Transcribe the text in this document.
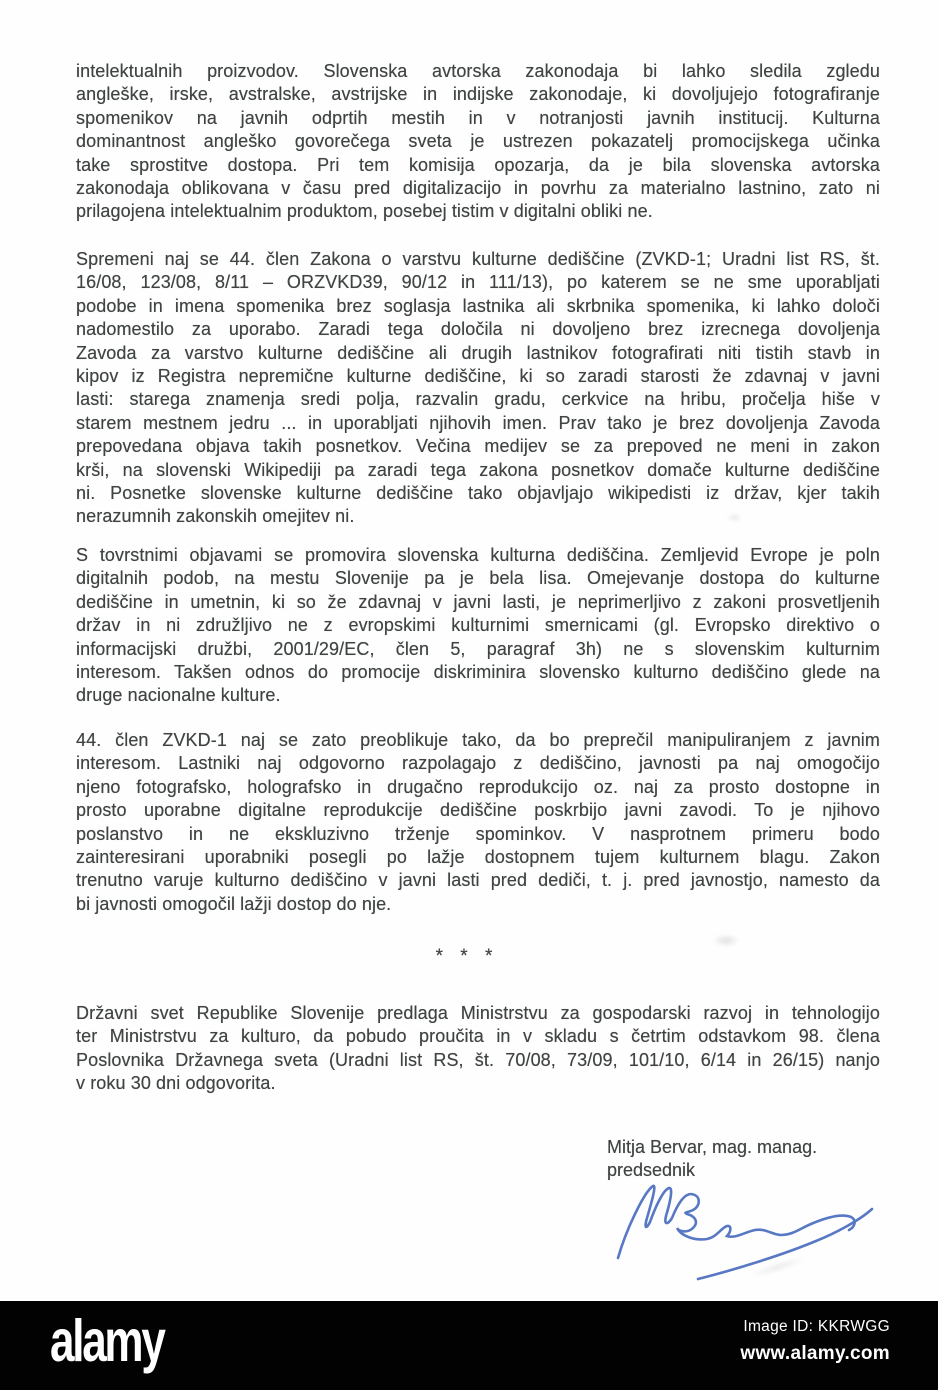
intelektualnih proizvodov. Slovenska avtorska zakonodaja bi lahko sledila zgledu
angleške, irske, avstralske, avstrijske in indijske zakonodaje, ki dovoljujejo fotografiranje
spomenikov na javnih odprtih mestih in v notranjosti javnih institucij. Kulturna
dominantnost angleško govorečega sveta je ustrezen pokazatelj promocijskega učinka
take sprostitve dostopa. Pri tem komisija opozarja, da je bila slovenska avtorska
zakonodaja oblikovana v času pred digitalizacijo in povrhu za materialno lastnino, zato ni
prilagojena intelektualnim produktom, posebej tistim v digitalni obliki ne.
Spremeni naj se 44. člen Zakona o varstvu kulturne dediščine (ZVKD-1; Uradni list RS, št.
16/08, 123/08, 8/11 – ORZVKD39, 90/12 in 111/13), po katerem se ne sme uporabljati
podobe in imena spomenika brez soglasja lastnika ali skrbnika spomenika, ki lahko določi
nadomestilo za uporabo. Zaradi tega določila ni dovoljeno brez izrecnega dovoljenja
Zavoda za varstvo kulturne dediščine ali drugih lastnikov fotografirati niti tistih stavb in
kipov iz Registra nepremične kulturne dediščine, ki so zaradi starosti že zdavnaj v javni
lasti: starega znamenja sredi polja, razvalin gradu, cerkvice na hribu, pročelja hiše v
starem mestnem jedru ... in uporabljati njihovih imen. Prav tako je brez dovoljenja Zavoda
prepovedana objava takih posnetkov. Večina medijev se za prepoved ne meni in zakon
krši, na slovenski Wikipediji pa zaradi tega zakona posnetkov domače kulturne dediščine
ni. Posnetke slovenske kulturne dediščine tako objavljajo wikipedisti iz držav, kjer takih
nerazumnih zakonskih omejitev ni.
S tovrstnimi objavami se promovira slovenska kulturna dediščina. Zemljevid Evrope je poln
digitalnih podob, na mestu Slovenije pa je bela lisa. Omejevanje dostopa do kulturne
dediščine in umetnin, ki so že zdavnaj v javni lasti, je neprimerljivo z zakoni prosvetljenih
držav in ni združljivo ne z evropskimi kulturnimi smernicami (gl. Evropsko direktivo o
informacijski družbi, 2001/29/EC, člen 5, paragraf 3h) ne s slovenskim kulturnim
interesom. Takšen odnos do promocije diskriminira slovensko kulturno dediščino glede na
druge nacionalne kulture.
44. člen ZVKD-1 naj se zato preoblikuje tako, da bo preprečil manipuliranjem z javnim
interesom. Lastniki naj odgovorno razpolagajo z dediščino, javnosti pa naj omogočijo
njeno fotografsko, holografsko in drugačno reprodukcijo oz. naj za prosto dostopne in
prosto uporabne digitalne reprodukcije dediščine poskrbijo javni zavodi. To je njihovo
poslanstvo in ne ekskluzivno trženje spominkov. V nasprotnem primeru bodo
zainteresirani uporabniki posegli po lažje dostopnem tujem kulturnem blagu. Zakon
trenutno varuje kulturno dediščino v javni lasti pred dediči, t. j. pred javnostjo, namesto da
bi javnosti omogočil lažji dostop do nje.
* * *
Državni svet Republike Slovenije predlaga Ministrstvu za gospodarski razvoj in tehnologijo
ter Ministrstvu za kulturo, da pobudo proučita in v skladu s četrtim odstavkom 98. člena
Poslovnika Državnega sveta (Uradni list RS, št. 70/08, 73/09, 101/10, 6/14 in 26/15) nanjo
v roku 30 dni odgovorita.
Mitja Bervar, mag. manag.
predsednik
alamy	Image ID: KKRWGG
www.alamy.com
